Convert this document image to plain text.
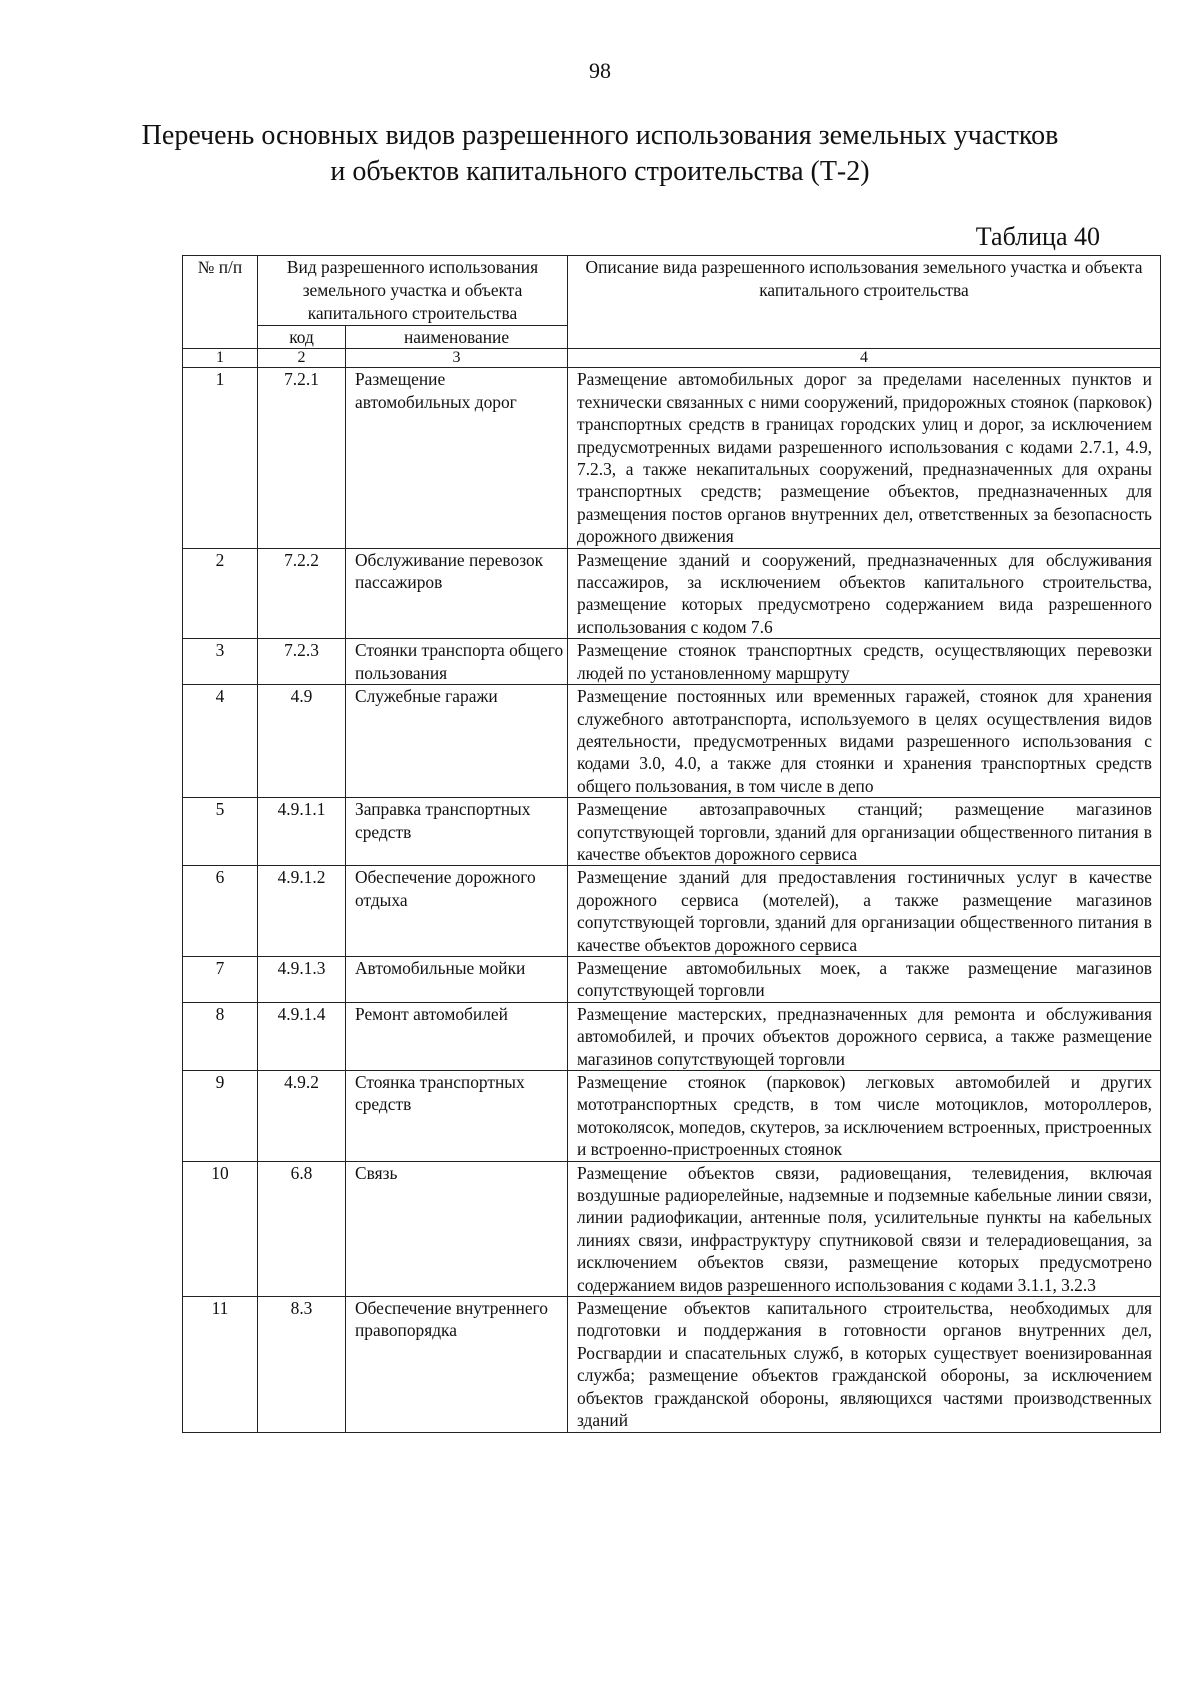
98
Перечень основных видов разрешенного использования земельных участков
и объектов капитального строительства (Т-2)
Таблица 40
№ п/п	Вид разрешенного использования земельного участка и объекта капитального строительства		Описание вида разрешенного использования земельного участка и объекта капитального строительства
	код	наименование	
1	2	3	4
1	7.2.1	Размещение автомобильных дорог	Размещение автомобильных дорог за пределами населенных пунктов и технически связанных с ними сооружений, придорожных стоянок (парковок) транспортных средств в границах городских улиц и дорог, за исключением предусмотренных видами разрешенного использования с кодами 2.7.1, 4.9, 7.2.3, а также некапитальных сооружений, предназначенных для охраны транспортных средств; размещение объектов, предназначенных для размещения постов органов внутренних дел, ответственных за безопасность дорожного движения
2	7.2.2	Обслуживание перевозок пассажиров	Размещение зданий и сооружений, предназначенных для обслуживания пассажиров, за исключением объектов капитального строительства, размещение которых предусмотрено содержанием вида разрешенного использования с кодом 7.6
3	7.2.3	Стоянки транспорта общего пользования	Размещение стоянок транспортных средств, осуществляющих перевозки людей по установленному маршруту
4	4.9	Служебные гаражи	Размещение постоянных или временных гаражей, стоянок для хранения служебного автотранспорта, используемого в целях осуществления видов деятельности, предусмотренных видами разрешенного использования с кодами 3.0, 4.0, а также для стоянки и хранения транспортных средств общего пользования, в том числе в депо
5	4.9.1.1	Заправка транспортных средств	Размещение автозаправочных станций; размещение магазинов сопутствующей торговли, зданий для организации общественного питания в качестве объектов дорожного сервиса
6	4.9.1.2	Обеспечение дорожного отдыха	Размещение зданий для предоставления гостиничных услуг в качестве дорожного сервиса (мотелей), а также размещение магазинов сопутствующей торговли, зданий для организации общественного питания в качестве объектов дорожного сервиса
7	4.9.1.3	Автомобильные мойки	Размещение автомобильных моек, а также размещение магазинов сопутствующей торговли
8	4.9.1.4	Ремонт автомобилей	Размещение мастерских, предназначенных для ремонта и обслуживания автомобилей, и прочих объектов дорожного сервиса, а также размещение магазинов сопутствующей торговли
9	4.9.2	Стоянка транспортных средств	Размещение стоянок (парковок) легковых автомобилей и других мототранспортных средств, в том числе мотоциклов, мотороллеров, мотоколясок, мопедов, скутеров, за исключением встроенных, пристроенных и встроенно-пристроенных стоянок
10	6.8	Связь	Размещение объектов связи, радиовещания, телевидения, включая воздушные радиорелейные, надземные и подземные кабельные линии связи, линии радиофикации, антенные поля, усилительные пункты на кабельных линиях связи, инфраструктуру спутниковой связи и телерадиовещания, за исключением объектов связи, размещение которых предусмотрено содержанием видов разрешенного использования с кодами 3.1.1, 3.2.3
11	8.3	Обеспечение внутреннего правопорядка	Размещение объектов капитального строительства, необходимых для подготовки и поддержания в готовности органов внутренних дел, Росгвардии и спасательных служб, в которых существует военизированная служба; размещение объектов гражданской обороны, за исключением объектов гражданской обороны, являющихся частями производственных зданий
